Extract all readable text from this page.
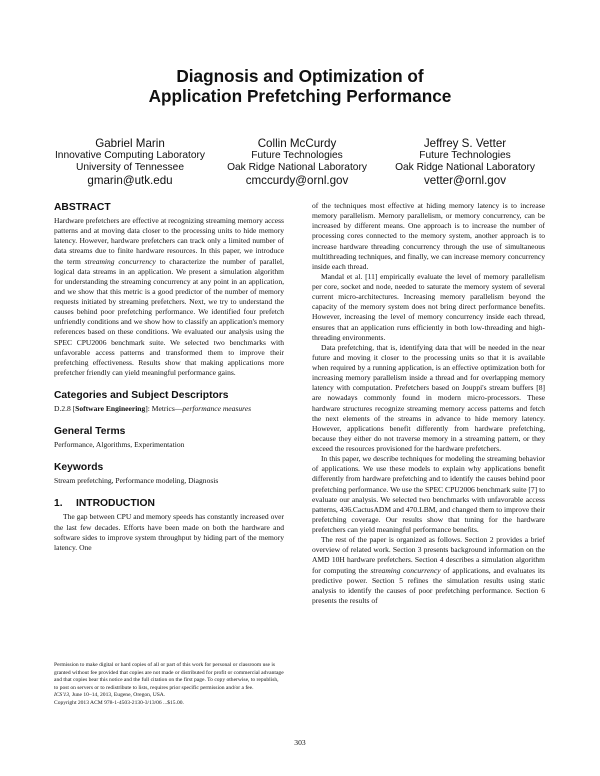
Diagnosis and Optimization of
Application Prefetching Performance
Gabriel Marin
Innovative Computing Laboratory
University of Tennessee
gmarin@utk.edu
Collin McCurdy
Future Technologies
Oak Ridge National Laboratory
cmccurdy@ornl.gov
Jeffrey S. Vetter
Future Technologies
Oak Ridge National Laboratory
vetter@ornl.gov
ABSTRACT

Hardware prefetchers are effective at recognizing streaming memory access patterns and at moving data closer to the processing units to hide memory latency. However, hardware prefetchers can track only a limited number of data streams due to finite hardware resources. In this paper, we introduce the term streaming concurrency to characterize the number of parallel, logical data streams in an application. We present a simulation algorithm for understanding the streaming concurrency at any point in an application, and we show that this metric is a good predictor of the number of memory requests initiated by streaming prefetchers. Next, we try to understand the causes behind poor prefetching performance. We identified four prefetch unfriendly conditions and we show how to classify an application's memory references based on these conditions. We evaluated our analysis using the SPEC CPU2006 benchmark suite. We selected two benchmarks with unfavorable access patterns and transformed them to improve their prefetching effectiveness. Results show that making applications more prefetcher friendly can yield meaningful performance gains.

Categories and Subject Descriptors

D.2.8 [Software Engineering]: Metrics—performance measures

General Terms

Performance, Algorithms, Experimentation

Keywords

Stream prefetching, Performance modeling, Diagnosis

1. INTRODUCTION

The gap between CPU and memory speeds has constantly increased over the last few decades. Efforts have been made on both the hardware and software sides to improve system throughput by hiding part of the memory latency. One

Permission to make digital or hard copies of all or part of this work for personal or classroom use is granted without fee provided that copies are not made or distributed for profit or commercial advantage and that copies bear this notice and the full citation on the first page. To copy otherwise, to republish, to post on servers or to redistribute to lists, requires prior specific permission and/or a fee.

ICS'13, June 10–14, 2013, Eugene, Oregon, USA.

Copyright 2013 ACM 978-1-4503-2130-3/13/06 ...$15.00.

of the techniques most effective at hiding memory latency is to increase memory parallelism. Memory parallelism, or memory concurrency, can be increased by different means. One approach is to increase the number of processing cores connected to the memory system, another approach is to increase hardware threading concurrency through the use of simultaneous multithreading techniques, and finally, we can increase memory concurrency inside each thread.

Mandal et al. [11] empirically evaluate the level of memory parallelism per core, socket and node, needed to saturate the memory system of several current micro-architectures. Increasing memory parallelism beyond the capacity of the memory system does not bring direct performance benefits. However, increasing the level of memory concurrency inside each thread, ensures that an application runs efficiently in both low-threading and high-threading environments.

Data prefetching, that is, identifying data that will be needed in the near future and moving it closer to the processing units so that it is available when required by a running application, is an effective optimization both for increasing memory parallelism inside a thread and for overlapping memory latency with computation. Prefetchers based on Jouppi's stream buffers [8] are nowadays commonly found in modern micro-processors. These hardware structures recognize streaming memory access patterns and fetch the next elements of the streams in advance to hide memory latency. However, applications benefit differently from hardware prefetching, because they either do not traverse memory in a streaming pattern, or they exceed the resources provisioned for the hardware prefetchers.

In this paper, we describe techniques for modeling the streaming behavior of applications. We use these models to explain why applications benefit differently from hardware prefetching and to identify the causes behind poor prefetching performance. We use the SPEC CPU2006 benchmark suite [7] to evaluate our analysis. We selected two benchmarks with unfavorable access patterns, 436.CactusADM and 470.LBM, and changed them to improve their prefetching coverage. Our results show that tuning for the hardware prefetchers can yield meaningful performance benefits.

The rest of the paper is organized as follows. Section 2 provides a brief overview of related work. Section 3 presents background information on the AMD 10H hardware prefetchers. Section 4 describes a simulation algorithm for computing the streaming concurrency of applications, and evaluates its predictive power. Section 5 refines the simulation results using static analysis to identify the causes of poor prefetching performance. Section 6 presents the results of

303
